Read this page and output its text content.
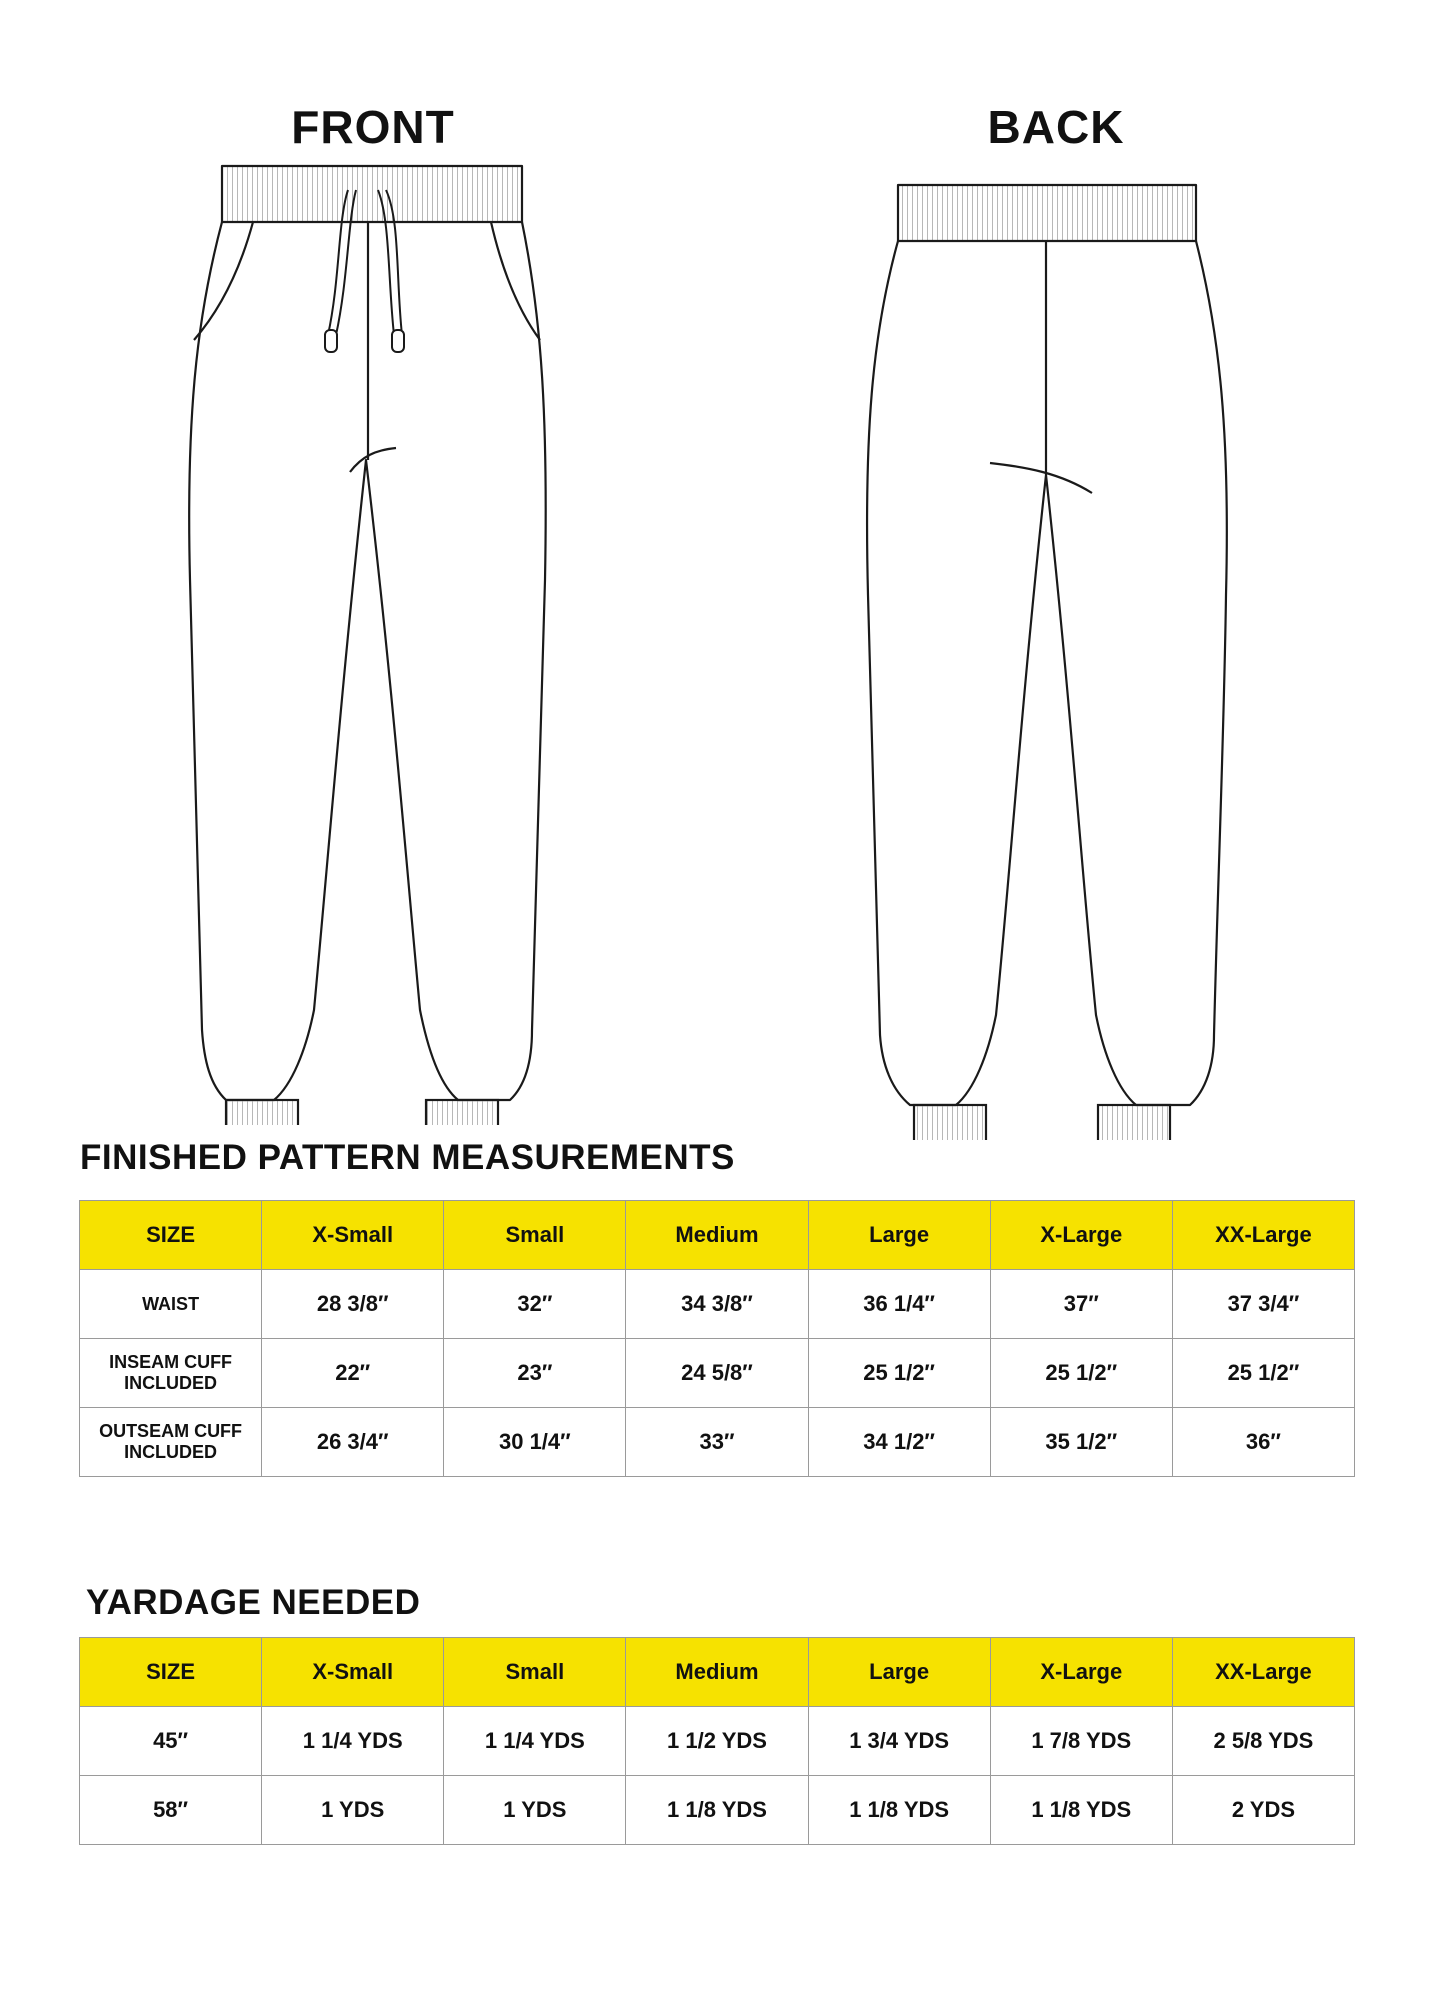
FRONT	BACK
FINISHED PATTERN MEASUREMENTS
SIZE	X-Small	Small	Medium	Large	X-Large	XX-Large
WAIST	28 3/8″	32″	34 3/8″	36 1/4″	37″	37 3/4″
INSEAM CUFF INCLUDED	22″	23″	24 5/8″	25 1/2″	25 1/2″	25 1/2″
OUTSEAM CUFF INCLUDED	26 3/4″	30 1/4″	33″	34 1/2″	35 1/2″	36″
YARDAGE NEEDED
SIZE	X-Small	Small	Medium	Large	X-Large	XX-Large
45″	1 1/4 YDS	1 1/4 YDS	1 1/2 YDS	1 3/4 YDS	1 7/8 YDS	2 5/8 YDS
58″	1 YDS	1 YDS	1 1/8 YDS	1 1/8 YDS	1 1/8 YDS	2 YDS
